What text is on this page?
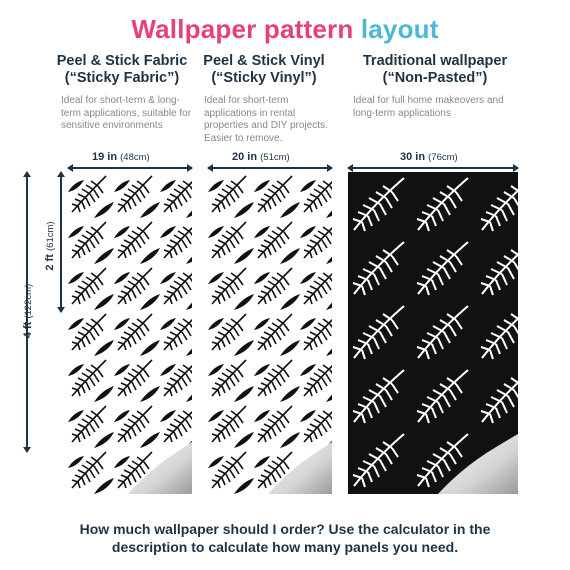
Wallpaper pattern layout
Peel & Stick Fabric
(“Sticky Fabric”)
Peel & Stick Vinyl
(“Sticky Vinyl”)
Traditional wallpaper
(“Non-Pasted”)
Ideal for short-term & long-term applications, suitable for sensitive environments
Ideal for short-term applications in rental properties and DIY projects. Easier to remove.
Ideal for full home makeovers and long-term applications
19 in (48cm)	20 in (51cm)	30 in (76cm)
4 ft (122cm)
2 ft (61cm)
How much wallpaper should I order? Use the calculator in the
description to calculate how many panels you need.
